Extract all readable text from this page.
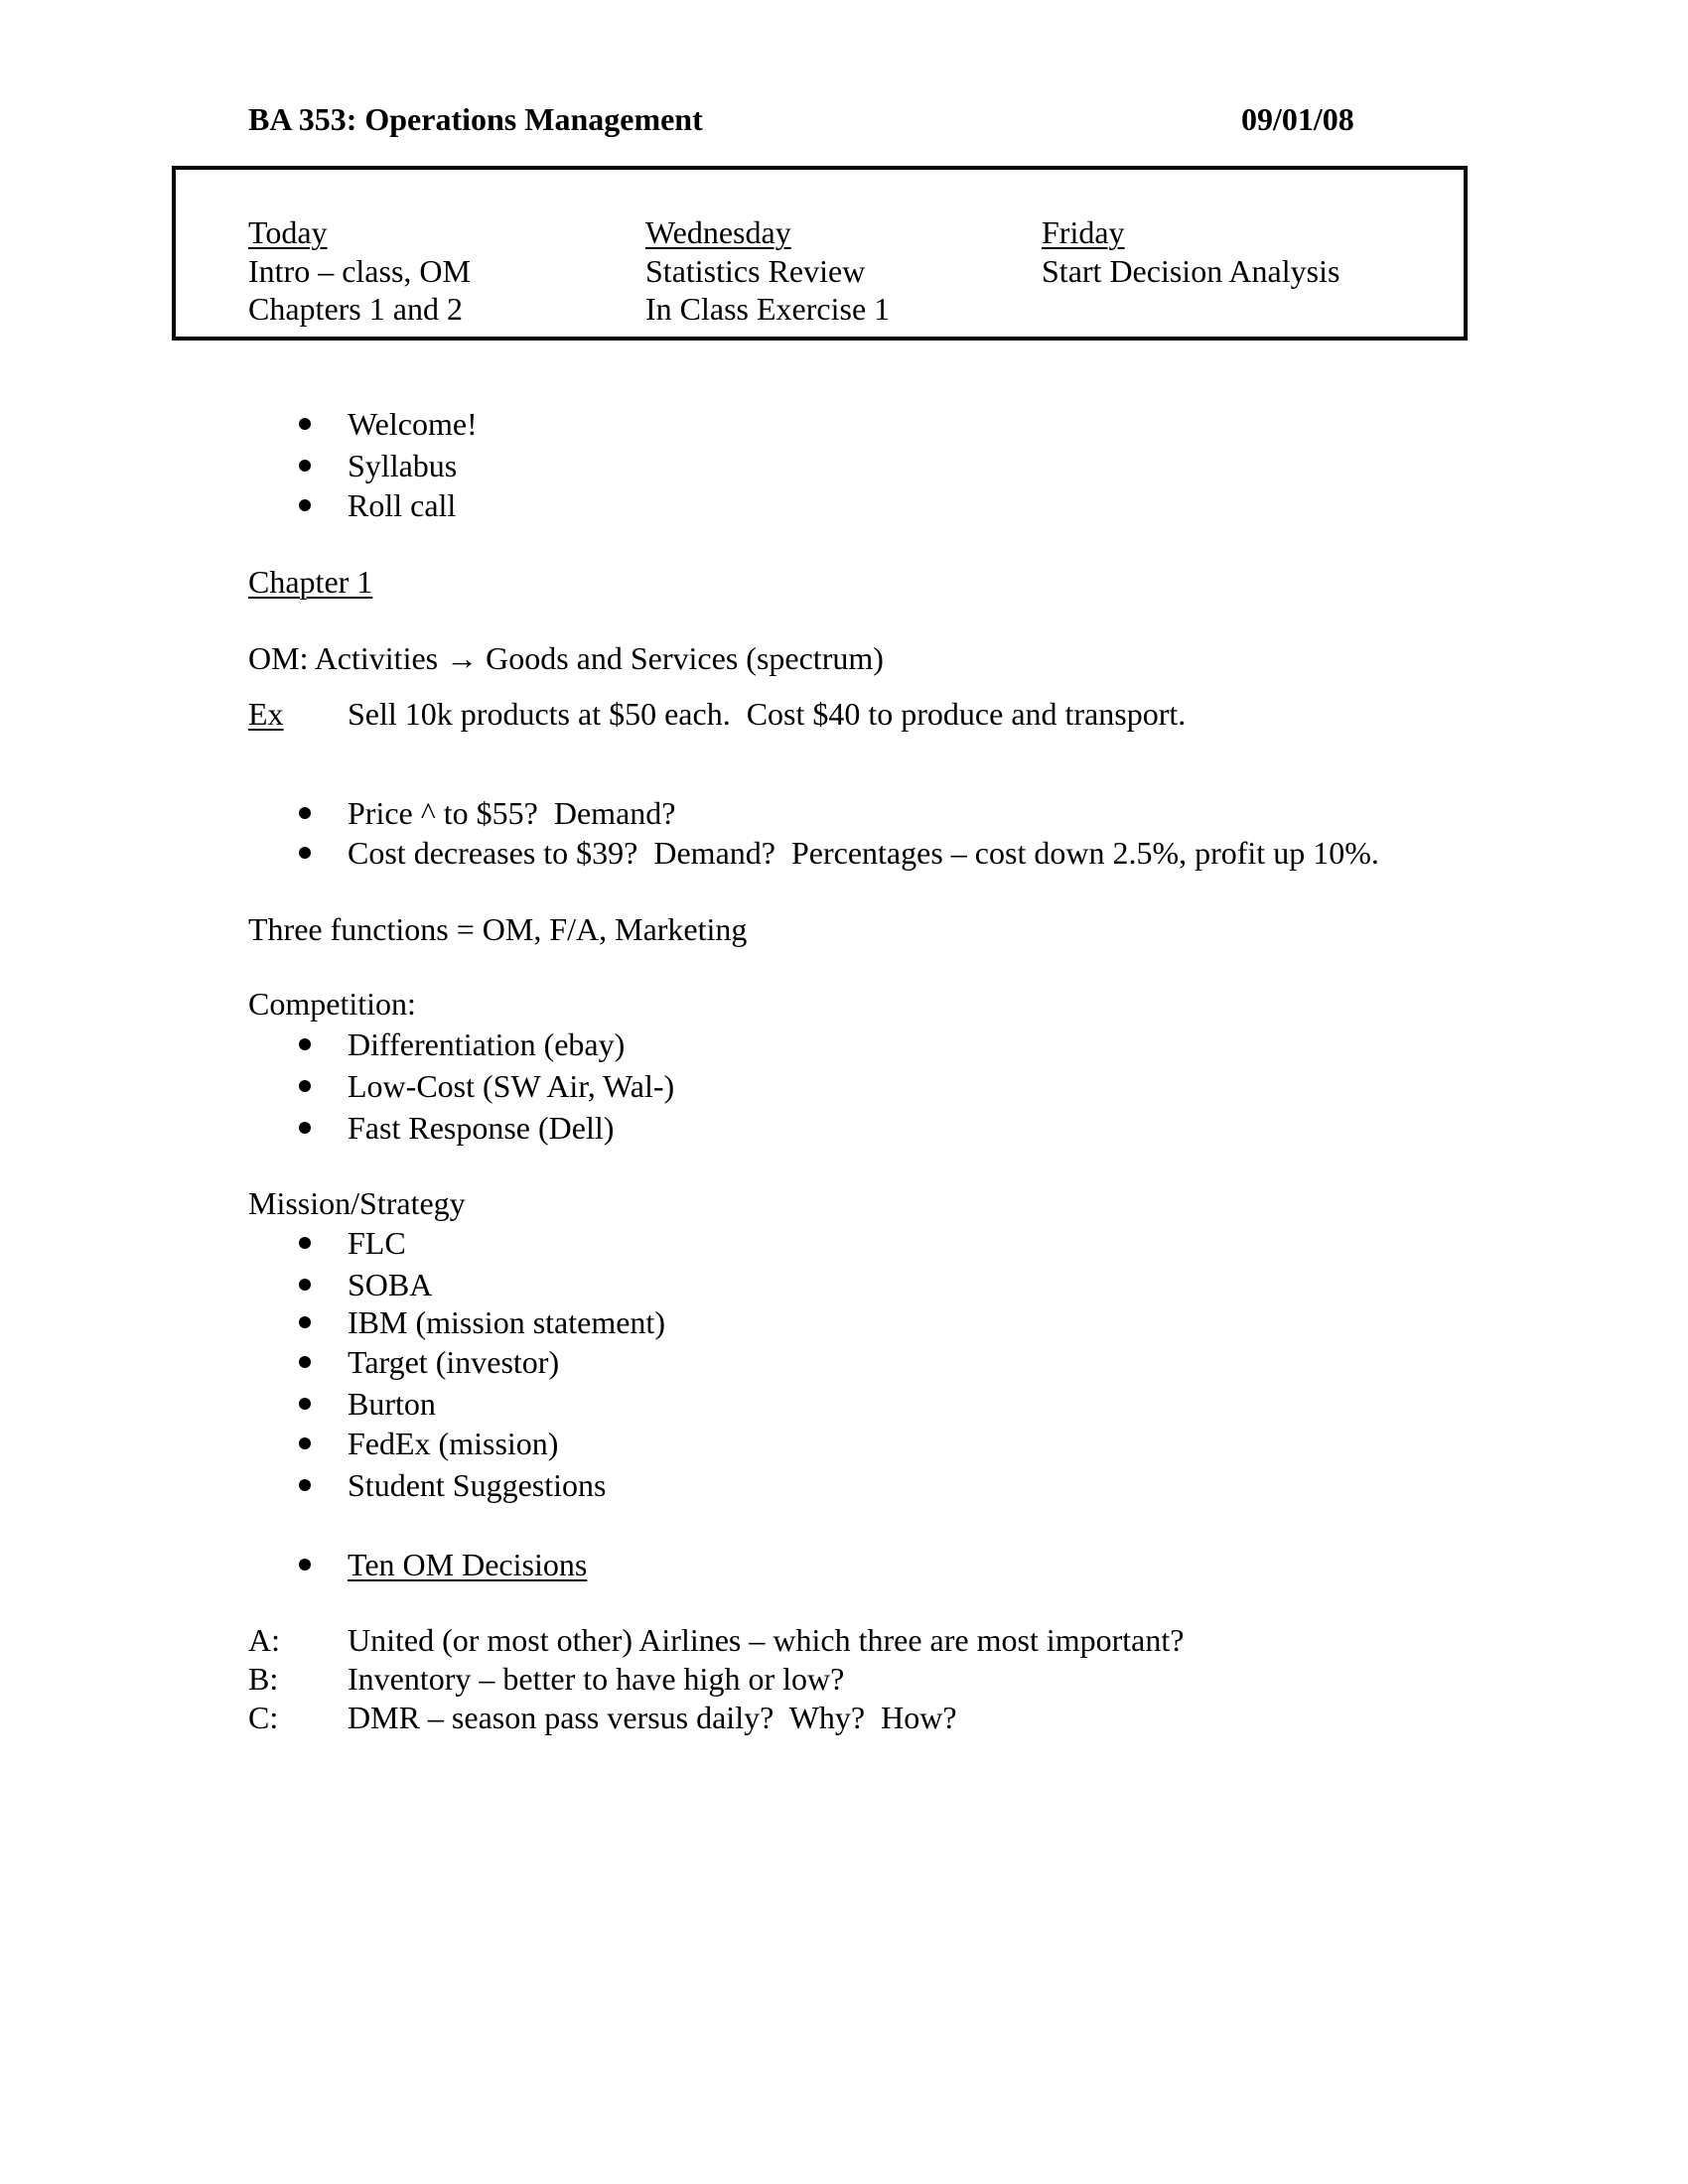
BA 353: Operations Management	09/01/08
Today
Intro – class, OM
Chapters 1 and 2
Wednesday
Statistics Review
In Class Exercise 1
Friday
Start Decision Analysis
Welcome!
Syllabus
Roll call
Chapter 1
OM: Activities → Goods and Services (spectrum)
Ex Sell 10k products at $50 each.  Cost $40 to produce and transport.
Price ^ to $55?  Demand?
Cost decreases to $39?  Demand?  Percentages – cost down 2.5%, profit up 10%.
Three functions = OM, F/A, Marketing
Competition:
Differentiation (ebay)
Low-Cost (SW Air, Wal-)
Fast Response (Dell)
Mission/Strategy
FLC
SOBA
IBM (mission statement)
Target (investor)
Burton
FedEx (mission)
Student Suggestions
Ten OM Decisions
A: United (or most other) Airlines – which three are most important?
B: Inventory – better to have high or low?
C: DMR – season pass versus daily?  Why?  How?
